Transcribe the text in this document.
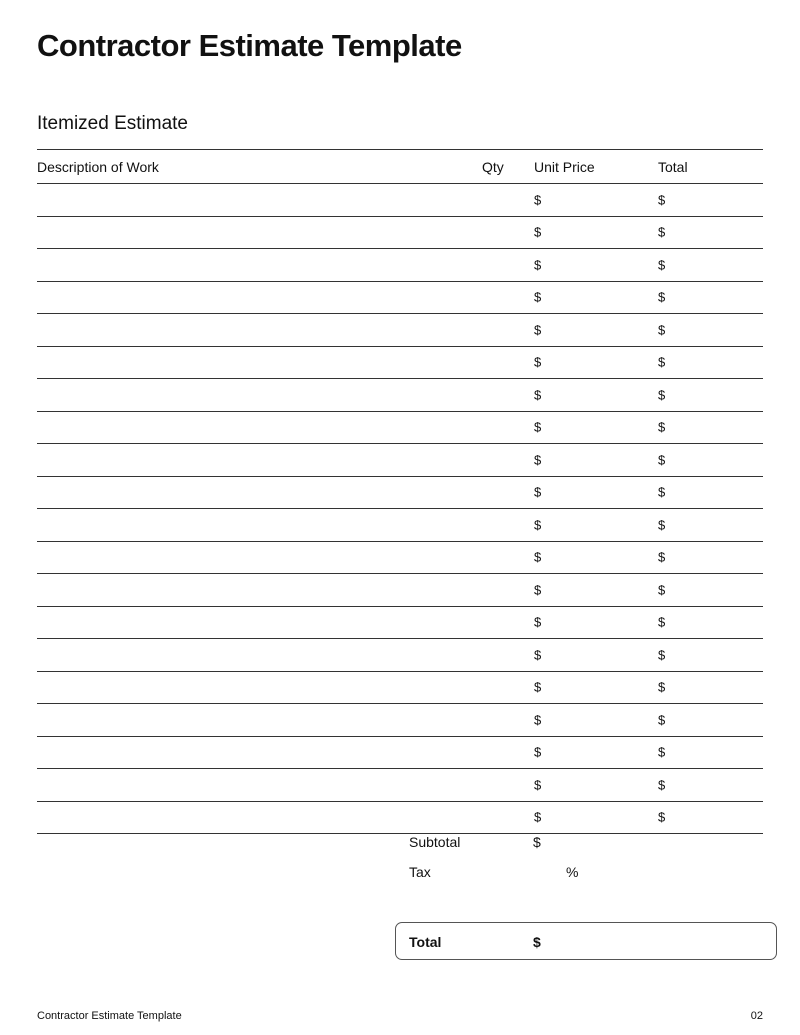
Contractor Estimate Template
Itemized Estimate
Description of Work	Qty Unit Price	Total
$	$
$	$
$	$
$	$
$	$
$	$
$	$
$	$
$	$
$	$
$	$
$	$
$	$
$	$
$	$
$	$
$	$
$	$
$	$
$	$
Subtotal	$
Tax	%
Total	$
Contractor Estimate Template	02
